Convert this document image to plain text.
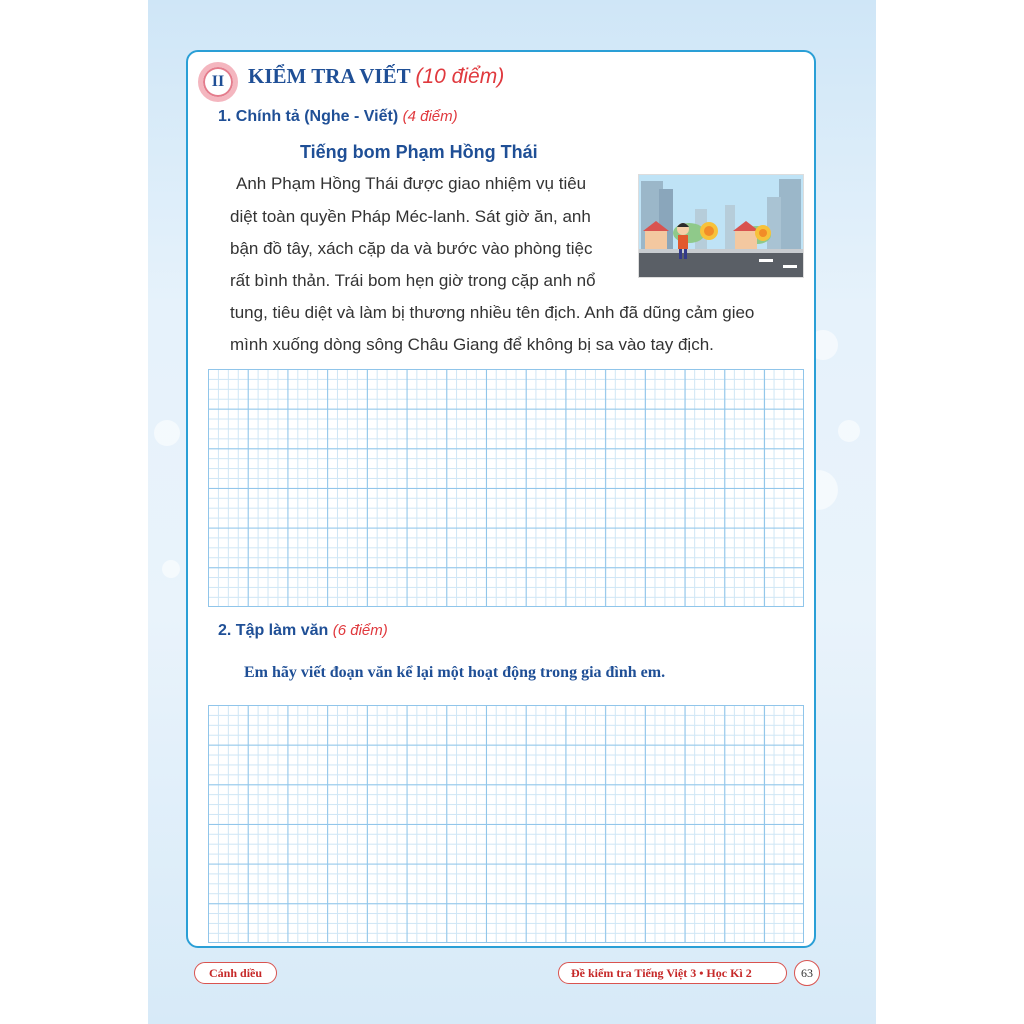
II	KIỂM TRA VIẾT (10 điểm)
1. Chính tả (Nghe - Viết) (4 điểm)
Tiếng bom Phạm Hồng Thái
Anh Phạm Hồng Thái được giao nhiệm vụ tiêu
diệt toàn quyền Pháp Méc-lanh. Sát giờ ăn, anh
bận đồ tây, xách cặp da và bước vào phòng tiệc
rất bình thản. Trái bom hẹn giờ trong cặp anh nổ
tung, tiêu diệt và làm bị thương nhiều tên địch. Anh đã dũng cảm gieo
mình xuống dòng sông Châu Giang để không bị sa vào tay địch.
2. Tập làm văn (6 điểm)
Em hãy viết đoạn văn kể lại một hoạt động trong gia đình em.
Cánh diều	Đề kiểm tra Tiếng Việt 3 • Học Kì 2	63
